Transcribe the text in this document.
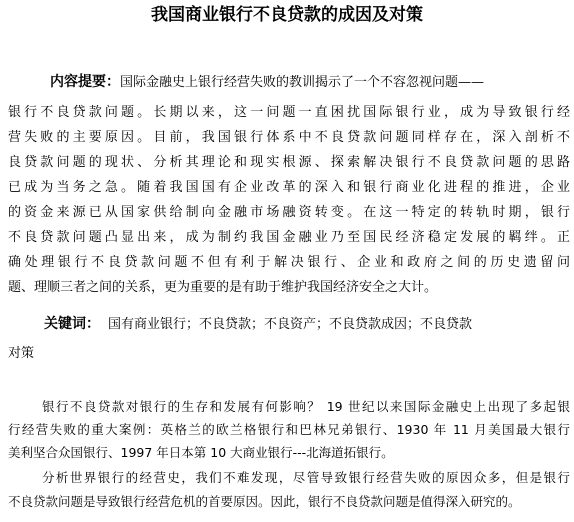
我国商业银行不良贷款的成因及对策
内容提要：国际金融史上银行经营失败的教训揭示了一个不容忽视问题——
银行不良贷款问题。长期以来，这一问题一直困扰国际银行业，成为导致银行经
营失败的主要原因。目前，我国银行体系中不良贷款问题同样存在，深入剖析不
良贷款问题的现状、分析其理论和现实根源、探索解决银行不良贷款问题的思路
已成为当务之急。随着我国国有企业改革的深入和银行商业化进程的推进，企业
的资金来源已从国家供给制向金融市场融资转变。在这一特定的转轨时期，银行
不良贷款问题凸显出来，成为制约我国金融业乃至国民经济稳定发展的羁绊。正
确处理银行不良贷款问题不但有利于解决银行、企业和政府之间的历史遗留问
题、理顺三者之间的关系，更为重要的是有助于维护我国经济安全之大计。
关键词： 国有商业银行；不良贷款；不良资产；不良贷款成因；不良贷款
对策
银行不良贷款对银行的生存和发展有何影响？ 19 世纪以来国际金融史上出现了多起银
行经营失败的重大案例：英格兰的欧兰格银行和巴林兄弟银行、1930 年 11 月美国最大银行
美利坚合众国银行、1997 年日本第 10 大商业银行---北海道拓银行。
分析世界银行的经营史，我们不难发现，尽管导致银行经营失败的原因众多，但是银行
不良贷款问题是导致银行经营危机的首要原因。因此，银行不良贷款问题是值得深入研究的。
